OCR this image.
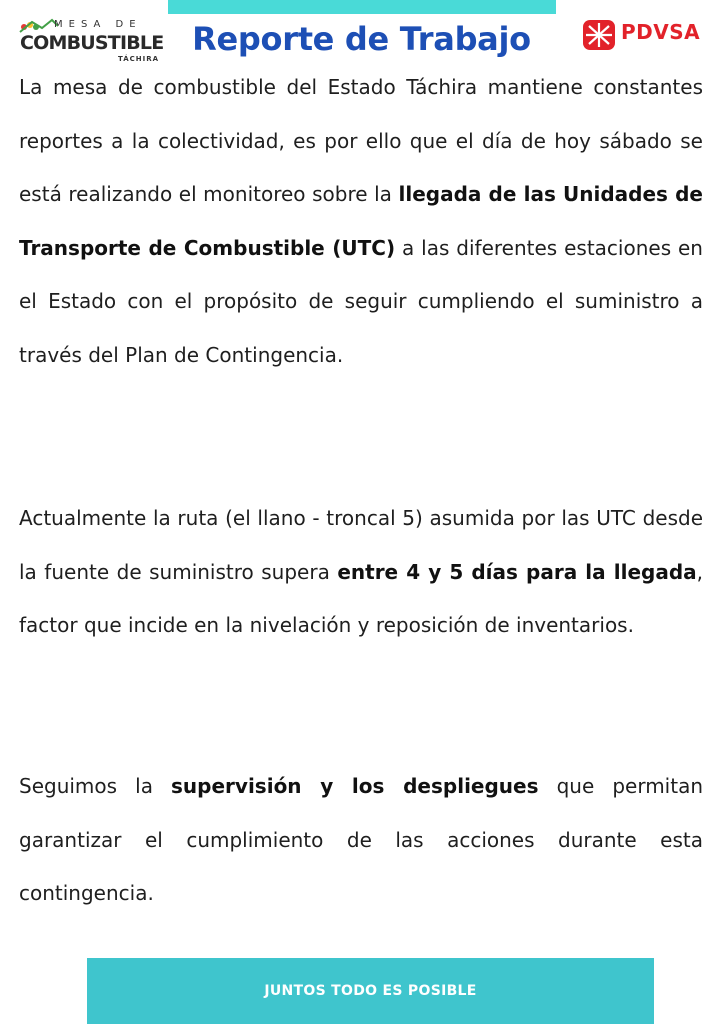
MESA DE
COMBUSTIBLE
TÁCHIRA
Reporte de Trabajo	PDVSA

La mesa de combustible del Estado Táchira mantiene constantes reportes a la colectividad, es por ello que el día de hoy sábado se está realizando el monitoreo sobre la llegada de las Unidades de Transporte de Combustible (UTC) a las diferentes estaciones en el Estado con el propósito de seguir cumpliendo el suministro a través del Plan de Contingencia.

Actualmente la ruta (el llano - troncal 5) asumida por las UTC desde la fuente de suministro supera entre 4 y 5 días para la llegada, factor que incide en la nivelación y reposición de inventarios.

Seguimos la supervisión y los despliegues que permitan garantizar el cumplimiento de las acciones durante esta contingencia.

JUNTOS TODO ES POSIBLE
